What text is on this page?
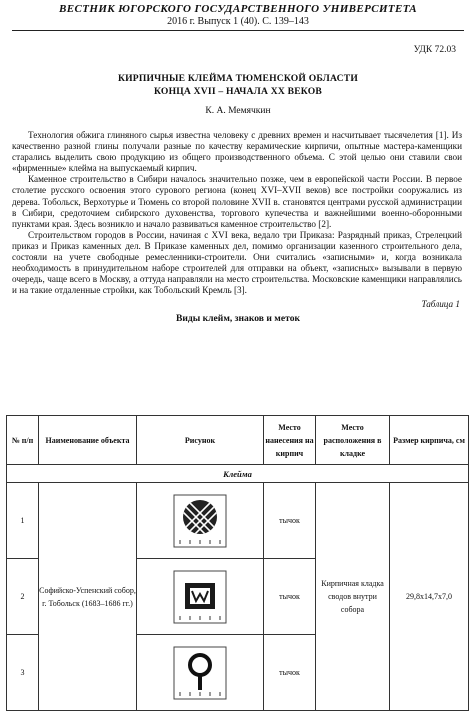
ВЕСТНИК ЮГОРСКОГО ГОСУДАРСТВЕННОГО УНИВЕРСИТЕТА
2016 г. Выпуск 1 (40). С. 139–143
УДК 72.03
КИРПИЧНЫЕ КЛЕЙМА ТЮМЕНСКОЙ ОБЛАСТИ
КОНЦА XVII – НАЧАЛА XX ВЕКОВ
К. А. Мемячкин

Технология обжига глиняного сырья известна человеку с древних времен и насчитывает тысячелетия [1]. Из качественно разной глины получали разные по качеству керамические кирпичи, опытные мастера-каменщики старались выделить свою продукцию из общего производственного объема. С этой целью они ставили свои «фирменные» клейма на выпускаемый кирпич.

Каменное строительство в Сибири началось значительно позже, чем в европейской части России. В первое столетие русского освоения этого сурового региона (конец XVI–XVII веков) все постройки сооружались из дерева. Тобольск, Верхотурье и Тюмень со второй половине XVII в. становятся центрами русской администрации в Сибири, средоточием сибирского духовенства, торгового купечества и важнейшими военно-оборонными пунктами края. Здесь возникло и начало развиваться каменное строительство [2].

Строительством городов в России, начиная с XVI века, ведало три Приказа: Разрядный приказ, Стрелецкий приказ и Приказ каменных дел. В Приказе каменных дел, помимо организации казенного строительного дела, состояли на учете свободные ремесленники-строители. Они считались «записными» и, когда возникала необходимость в принудительном наборе строителей для отправки на объект, «записных» вызывали в первую очередь, чаще всего в Москву, а оттуда направляли на место строительства. Московские каменщики направлялись и на такие отдаленные стройки, как Тобольский Кремль [3].

Таблица 1
Виды клейм, знаков и меток
№ п/п	Наименование объекта	Рисунок	Место нанесения на кирпич	Место расположения в кладке	Размер кирпича, см
Клейма					
1	Софийско-Успенский собор, г. Тобольск (1683–1686 гг.)		тычок	Кирпичная кладка сводов внутри собора	29,8х14,7х7,0
2			тычок		
3			тычок		
